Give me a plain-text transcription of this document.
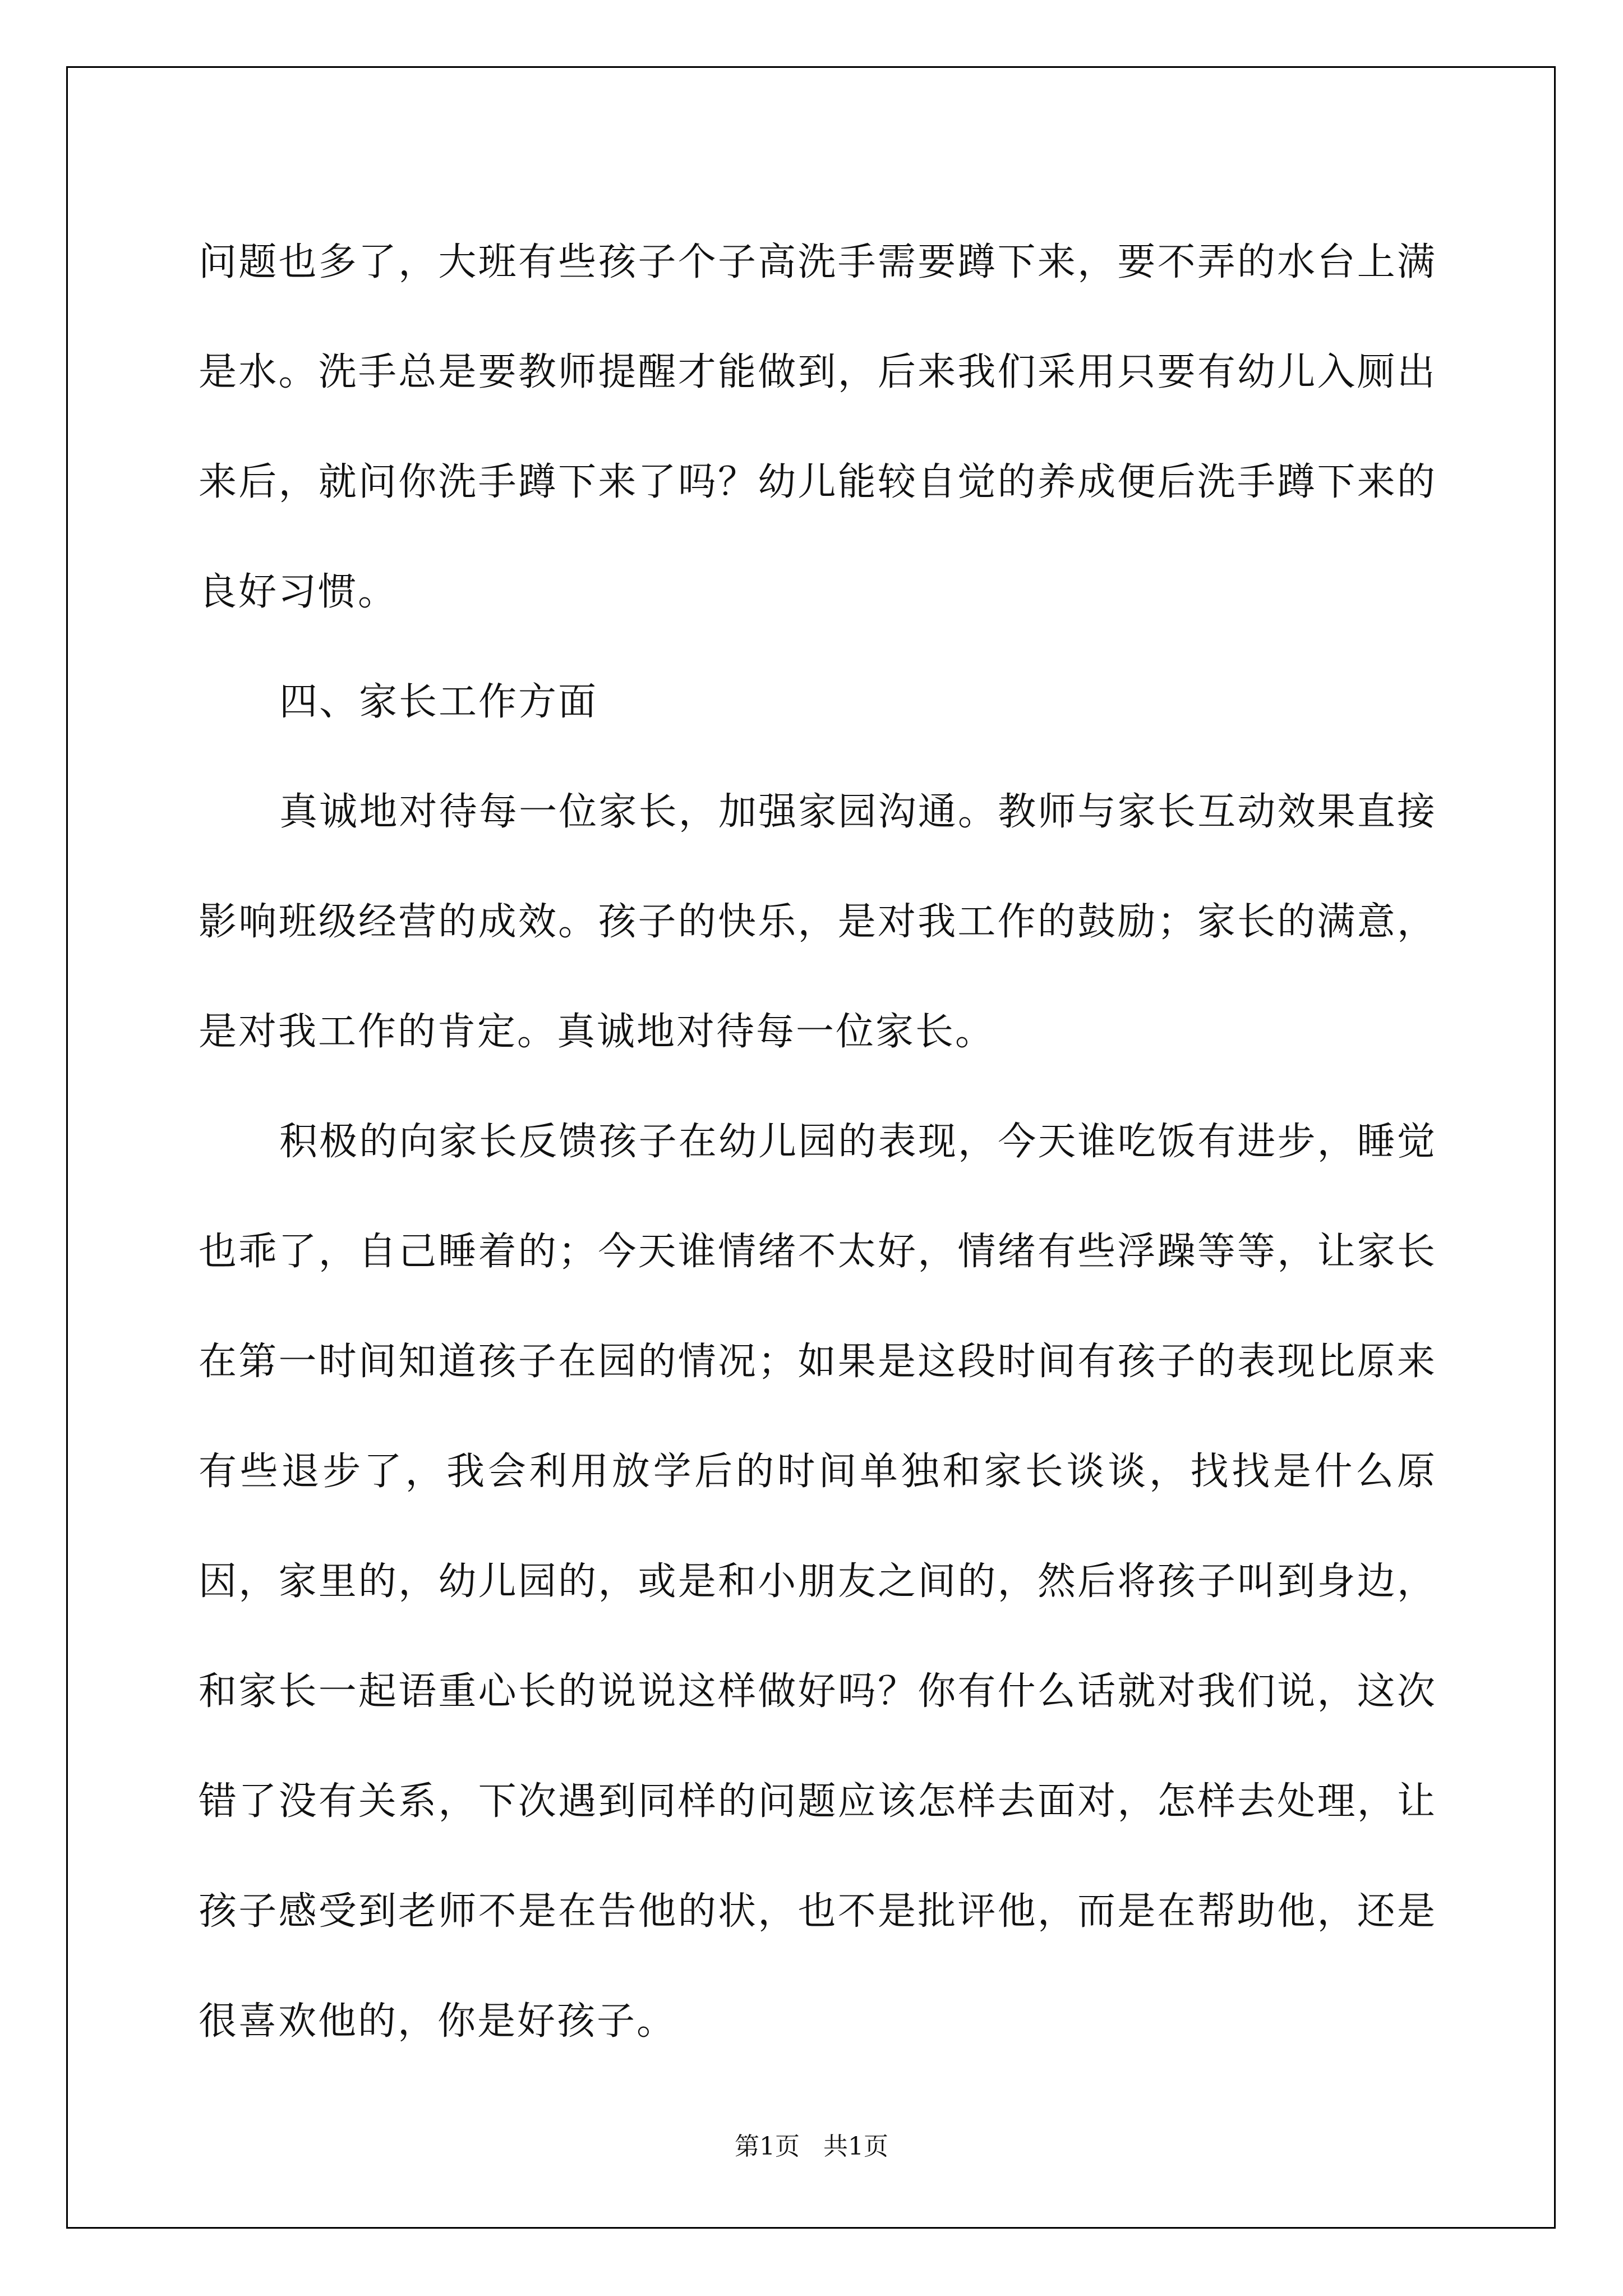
问题也多了，大班有些孩子个子高洗手需要蹲下来，要不弄的水台上满是水。洗手总是要教师提醒才能做到，后来我们采用只要有幼儿入厕出来后，就问你洗手蹲下来了吗？幼儿能较自觉的养成便后洗手蹲下来的良好习惯。

四、家长工作方面

真诚地对待每一位家长，加强家园沟通。教师与家长互动效果直接影响班级经营的成效。孩子的快乐，是对我工作的鼓励；家长的满意，是对我工作的肯定。真诚地对待每一位家长。

积极的向家长反馈孩子在幼儿园的表现，今天谁吃饭有进步，睡觉也乖了，自己睡着的；今天谁情绪不太好，情绪有些浮躁等等，让家长在第一时间知道孩子在园的情况；如果是这段时间有孩子的表现比原来有些退步了，我会利用放学后的时间单独和家长谈谈，找找是什么原因，家里的，幼儿园的，或是和小朋友之间的，然后将孩子叫到身边，和家长一起语重心长的说说这样做好吗？你有什么话就对我们说，这次错了没有关系，下次遇到同样的问题应该怎样去面对，怎样去处理，让孩子感受到老师不是在告他的状，也不是批评他，而是在帮助他，还是很喜欢他的，你是好孩子。

第1页   共1页
